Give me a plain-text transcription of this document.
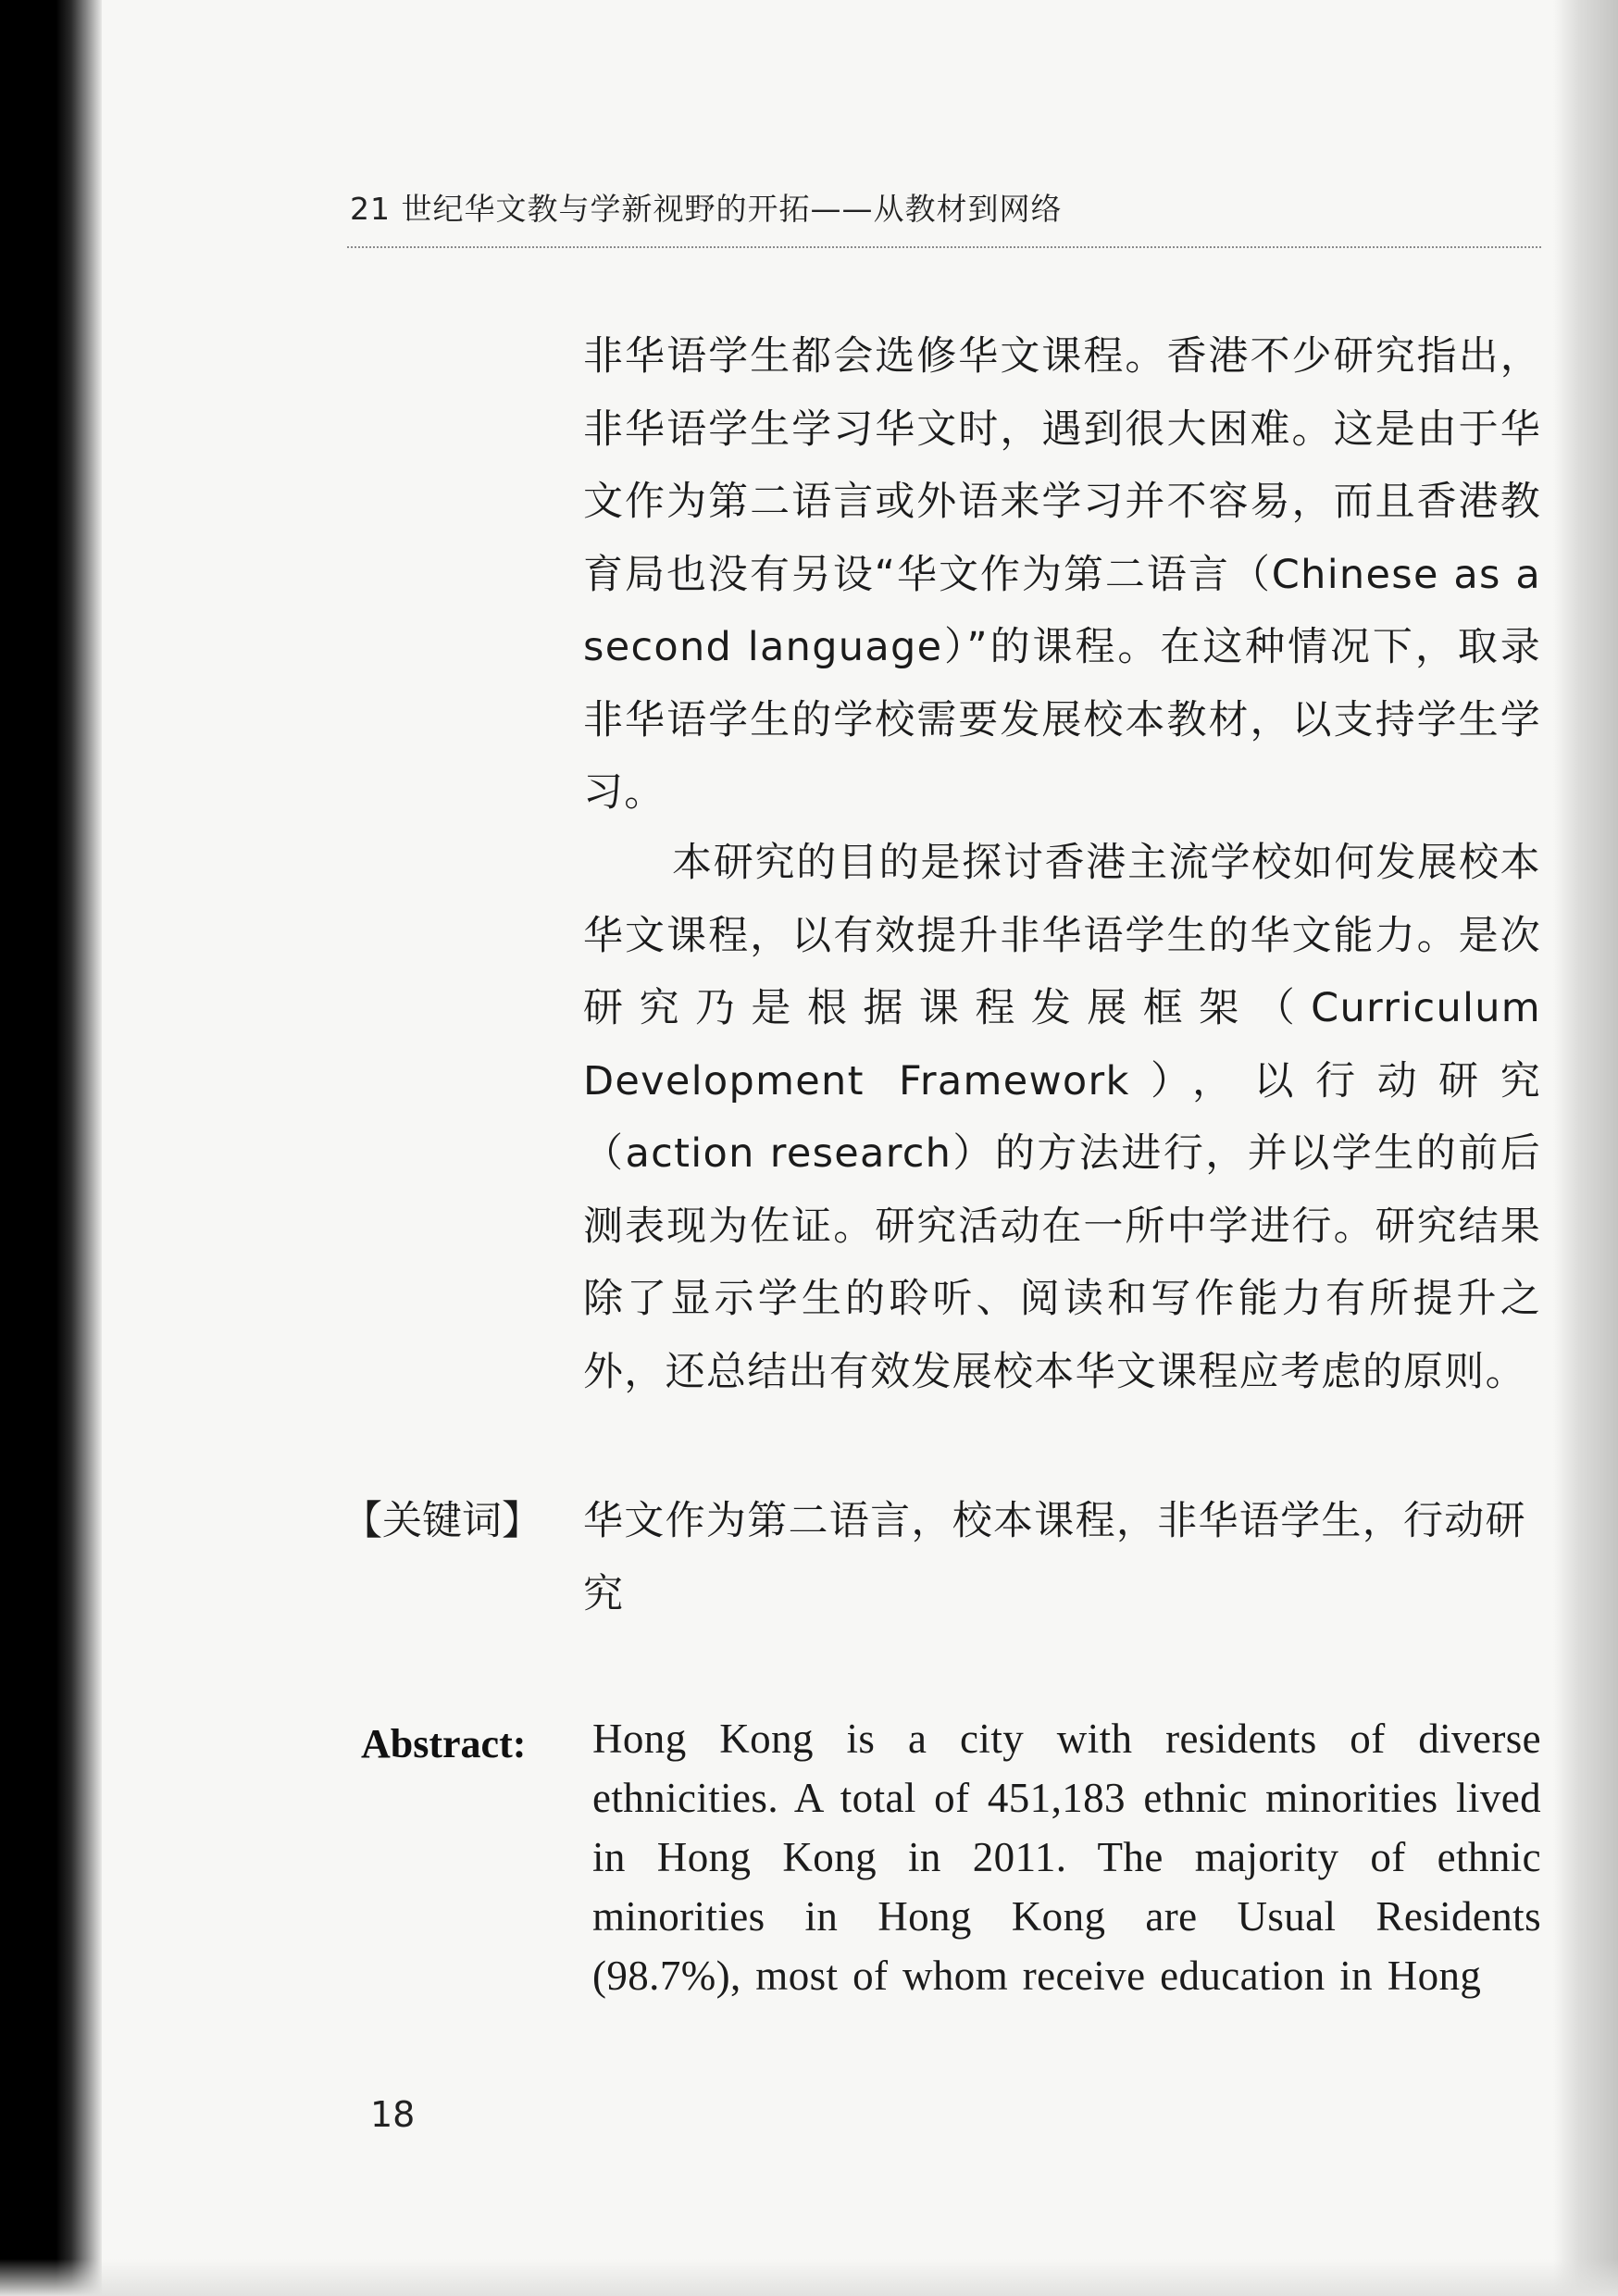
21 世纪华文教与学新视野的开拓——从教材到网络
非华语学生都会选修华文课程。香港不少研究指出，非华语学生学习华文时，遇到很大困难。这是由于华文作为第二语言或外语来学习并不容易，而且香港教育局也没有另设“华文作为第二语言（Chinese as a second language）”的课程。在这种情况下，取录非华语学生的学校需要发展校本教材，以支持学生学习。
本研究的目的是探讨香港主流学校如何发展校本华文课程，以有效提升非华语学生的华文能力。是次研究乃是根据课程发展框架（Curriculum Development Framework），以行动研究（action research）的方法进行，并以学生的前后测表现为佐证。研究活动在一所中学进行。研究结果除了显示学生的聆听、阅读和写作能力有所提升之外，还总结出有效发展校本华文课程应考虑的原则。
【关键词】 华文作为第二语言，校本课程，非华语学生，行动研究
Abstract: Hong Kong is a city with residents of diverse ethnicities. A total of 451,183 ethnic minorities lived in Hong Kong in 2011. The majority of ethnic minorities in Hong Kong are Usual Residents (98.7%), most of whom receive education in Hong
18
